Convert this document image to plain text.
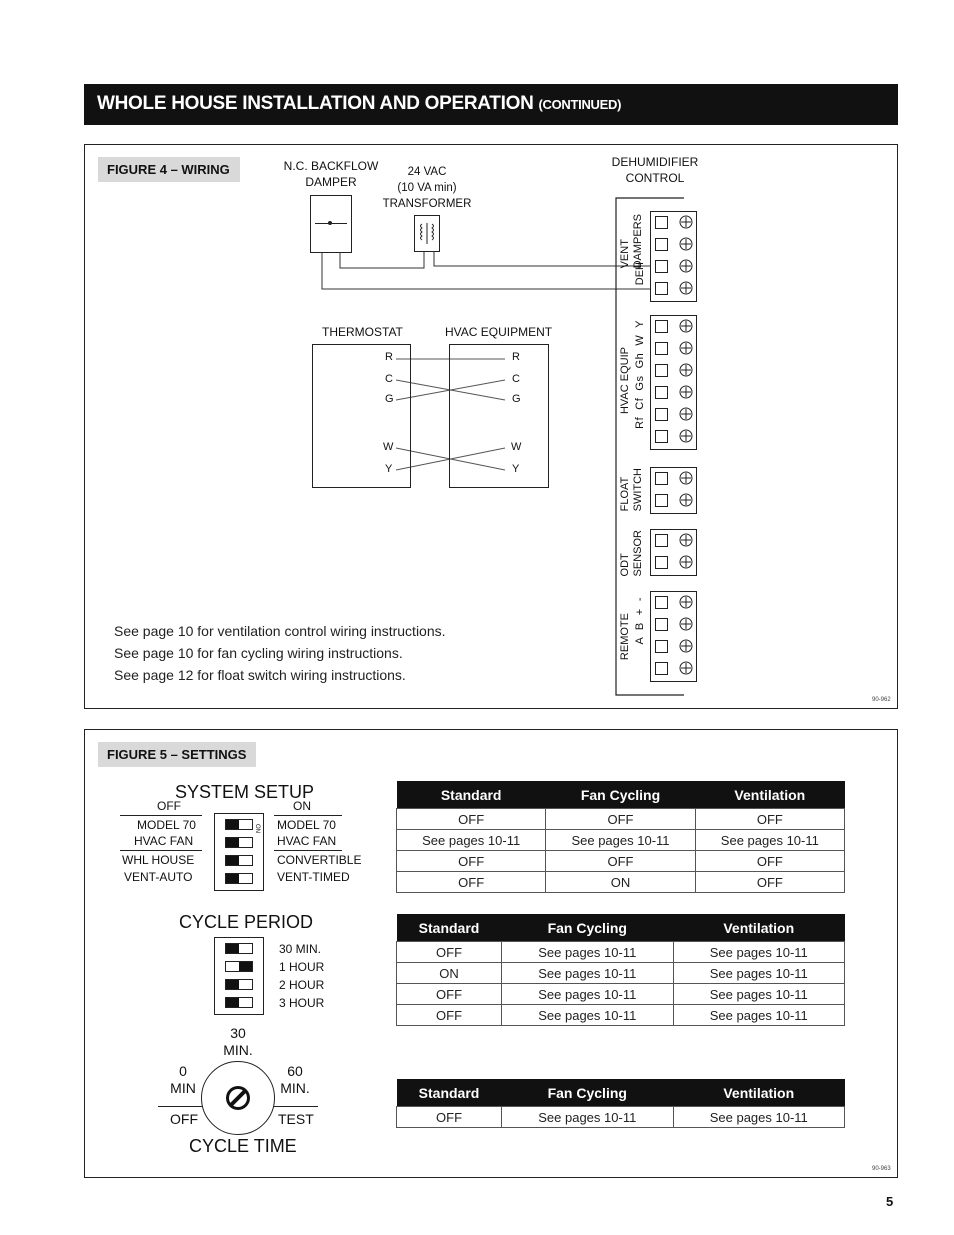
WHOLE HOUSE INSTALLATION AND OPERATION (CONTINUED)
FIGURE 4 – WIRING	N.C. BACKFLOW
DAMPER
24 VAC
(10 VA min)
TRANSFORMER
DEHUMIDIFIER
CONTROL
THERMOSTAT	HVAC EQUIPMENT
R
C
G
W
Y
R
C
G
W
Y
VENT
DAMPERS
DEH
Rf  Cf  Gs  Gh  W  Y
HVAC EQUIP
FLOAT
SWITCH
ODT
SENSOR
A  B  +  -
REMOTE
See page 10 for ventilation control wiring instructions.
See page 10 for fan cycling wiring instructions.
See page 12 for float switch wiring instructions.
90-962
FIGURE 5 – SETTINGS
SYSTEM SETUP
OFF	ON
MODEL 70
HVAC FAN
WHL HOUSE
VENT-AUTO
MODEL 70
HVAC FAN
CONVERTIBLE
VENT-TIMED
ON
CYCLE PERIOD
30 MIN.
1 HOUR
2 HOUR
3 HOUR
30
MIN.
0
MIN
60
MIN.
OFF	TEST
CYCLE TIME
Standard	Fan Cycling	Ventilation
OFF	OFF	OFF
See pages 10-11	See pages 10-11	See pages 10-11
OFF	OFF	OFF
OFF	ON	OFF
Standard	Fan Cycling	Ventilation
OFF	See pages 10-11	See pages 10-11
ON	See pages 10-11	See pages 10-11
OFF	See pages 10-11	See pages 10-11
OFF	See pages 10-11	See pages 10-11
Standard	Fan Cycling	Ventilation
OFF	See pages 10-11	See pages 10-11
90-963
5
